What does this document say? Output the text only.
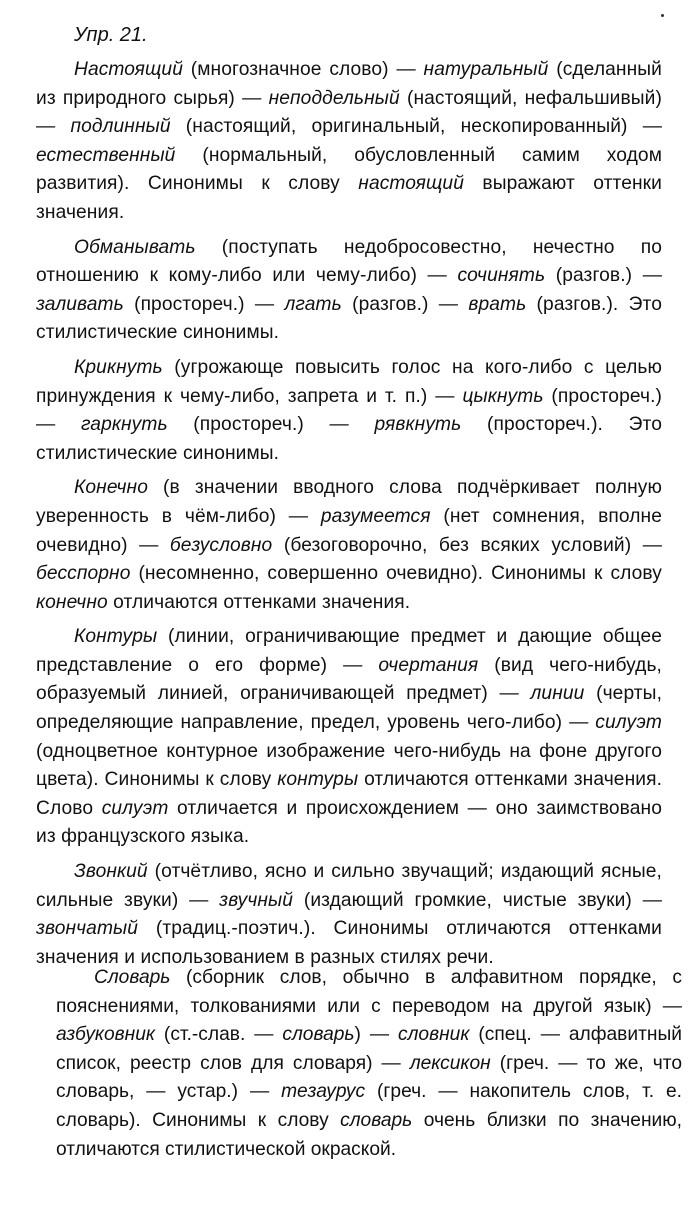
Упр. 21.

Настоящий (многозначное слово) — натуральный (сделанный из природного сырья) — неподдельный (настоящий, нефальшивый) — подлинный (настоящий, оригинальный, нескопированный) — естественный (нормальный, обусловленный самим ходом развития). Синонимы к слову настоящий выражают оттенки значения.

Обманывать (поступать недобросовестно, нечестно по отношению к кому-либо или чему-либо) — сочинять (разгов.) — заливать (простореч.) — лгать (разгов.) — врать (разгов.). Это стилистические синонимы.

Крикнуть (угрожающе повысить голос на кого-либо с целью принуждения к чему-либо, запрета и т. п.) — цыкнуть (простореч.) — гаркнуть (простореч.) — рявкнуть (простореч.). Это стилистические синонимы.

Конечно (в значении вводного слова подчёркивает полную уверенность в чём-либо) — разумеется (нет сомнения, вполне очевидно) — безусловно (безоговорочно, без всяких условий) — бесспорно (несомненно, совершенно очевидно). Синонимы к слову конечно отличаются оттенками значения.

Контуры (линии, ограничивающие предмет и дающие общее представление о его форме) — очертания (вид чего-нибудь, образуемый линией, ограничивающей предмет) — линии (черты, определяющие направление, предел, уровень чего-либо) — силуэт (одноцветное контурное изображение чего-нибудь на фоне другого цвета). Синонимы к слову контуры отличаются оттенками значения. Слово силуэт отличается и происхождением — оно заимствовано из французского языка.

Звонкий (отчётливо, ясно и сильно звучащий; издающий ясные, сильные звуки) — звучный (издающий громкие, чистые звуки) — звончатый (традиц.-поэтич.). Синонимы отличаются оттенками значения и использованием в разных стилях речи.

Словарь (сборник слов, обычно в алфавитном порядке, с пояснениями, толкованиями или с переводом на другой язык) — азбуковник (ст.-слав. — словарь) — словник (спец. — алфавитный список, реестр слов для словаря) — лексикон (греч. — то же, что словарь, — устар.) — тезаурус (греч. — накопитель слов, т. е. словарь). Синонимы к слову словарь очень близки по значению, отличаются стилистической окраской.
